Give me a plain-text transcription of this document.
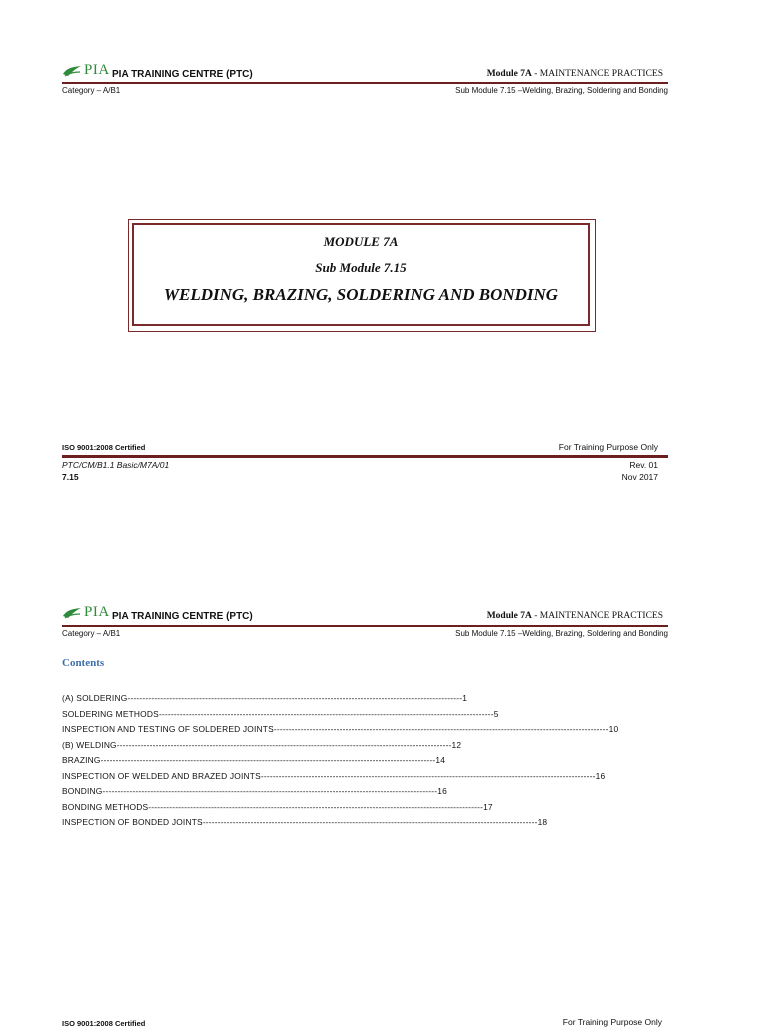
PIA PIA TRAINING CENTRE (PTC)	Module 7A - MAINTENANCE PRACTICES
Category – A/B1	Sub Module 7.15 –Welding, Brazing, Soldering and Bonding
MODULE 7A
Sub Module 7.15
WELDING, BRAZING, SOLDERING AND BONDING
ISO 9001:2008 Certified	For Training Purpose Only
PTC/CM/B1.1 Basic/M7A/01
7.15
Rev. 01
Nov 2017
PIA PIA TRAINING CENTRE (PTC)	Module 7A - MAINTENANCE PRACTICES
Category – A/B1	Sub Module 7.15 –Welding, Brazing, Soldering and Bonding
Contents
(A) SOLDERING ---------------------------------------------------------------------------------------------------------------- 1
SOLDERING METHODS ---------------------------------------------------------------------------------------------------------------- 5
INSPECTION AND TESTING OF SOLDERED JOINTS ---------------------------------------------------------------------------------------------------------------- 10
(B) WELDING ---------------------------------------------------------------------------------------------------------------- 12
BRAZING ---------------------------------------------------------------------------------------------------------------- 14
INSPECTION OF WELDED AND BRAZED JOINTS ---------------------------------------------------------------------------------------------------------------- 16
BONDING ---------------------------------------------------------------------------------------------------------------- 16
BONDING METHODS ---------------------------------------------------------------------------------------------------------------- 17
INSPECTION OF BONDED JOINTS ---------------------------------------------------------------------------------------------------------------- 18
ISO 9001:2008 Certified	For Training Purpose Only
